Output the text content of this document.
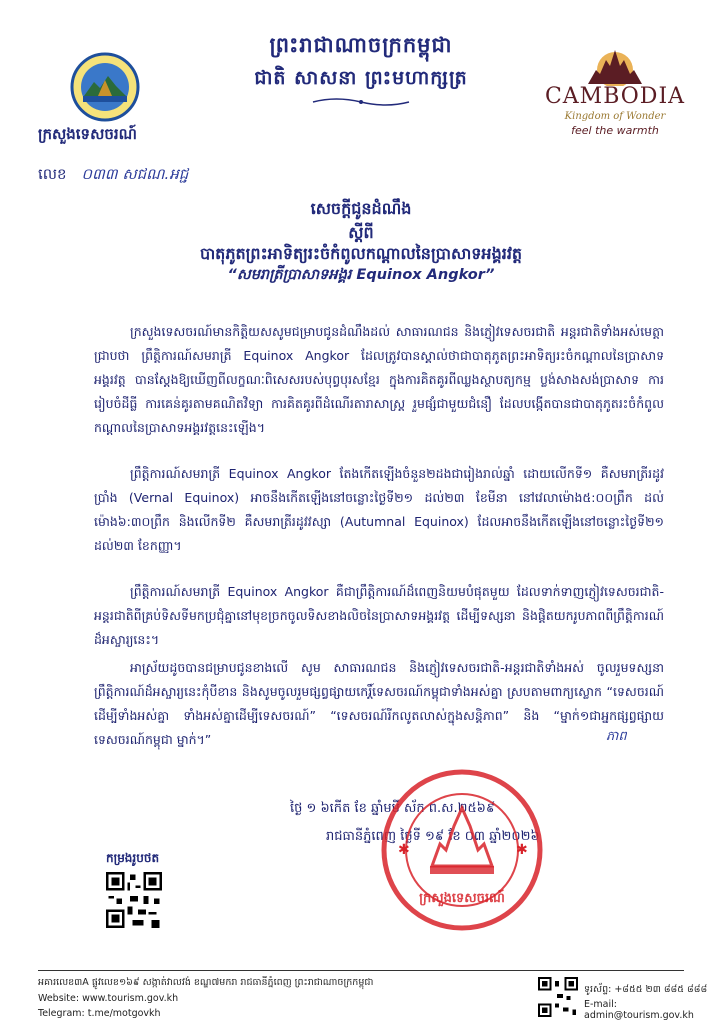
ព្រះរាជាណាចក្រកម្ពុជា
ជាតិ សាសនា ព្រះមហាក្សត្រ
ក្រសួងទេសចរណ៍
លេខ ០៣៣ សជណ.អជ្ជ
CAMBODIA
Kingdom of Wonder
feel the warmth
សេចក្ដីជូនដំណឹង
ស្ដីពី
បាតុភូតព្រះអាទិត្យរះចំកំពូលកណ្ដាលនៃប្រាសាទអង្គរវត្ត
“សមរាត្រីប្រាសាទអង្គរ Equinox Angkor”
ក្រសួងទេសចរណ៍មានកិត្តិយសសូមជម្រាបជូនដំណឹងដល់ សាធារណជន និងភ្ញៀវទេសចរជាតិ អន្តរជាតិទាំងអស់មេត្តាជ្រាបថា ព្រឹត្តិការណ៍សមរាត្រី Equinox Angkor ដែលត្រូវបានស្គាល់ថាជាបាតុភូតព្រះអាទិត្យរះចំកណ្ដាលនៃប្រាសាទអង្គរវត្ត បានស្ដែងឱ្យឃើញពីលក្ខណៈពិសេសរបស់បុព្វបុរសខ្មែរ ក្នុងការគិតគូរពីឈ្លងស្ថាបត្យកម្ម ប្លង់សាងសង់ប្រាសាទ ការរៀបចំដីធ្លី ការគេន់គូរតាមគណិតវិទ្យា ការគិតគូរពីដំណើរតារាសាស្ត្រ រួមផ្សំជាមួយជំនឿ ដែលបង្កើតបានជាបាតុភូតរះចំកំពូលកណ្ដាលនៃប្រាសាទអង្គរវត្តនេះឡើង។
ព្រឹត្តិការណ៍សមរាត្រី Equinox Angkor តែងកើតឡើងចំនួន២ដងជារៀងរាល់ឆ្នាំ ដោយលើកទី១ គឺសមរាត្រីរដូវប្រាំង (Vernal Equinox) អាចនឹងកើតឡើងនៅចន្លោះថ្ងៃទី២១ ដល់២៣ ខែមីនា នៅវេលាម៉ោង៥:០០ព្រឹក ដល់ម៉ោង៦:៣០ព្រឹក និងលើកទី២ គឺសមរាត្រីរដូវវស្សា (Autumnal Equinox) ដែលអាចនឹងកើតឡើងនៅចន្លោះថ្ងៃទី២១ ដល់២៣ ខែកញ្ញា។
ព្រឹត្តិការណ៍សមរាត្រី Equinox Angkor គឺជាព្រឹត្តិការណ៍ដ៏ពេញនិយមបំផុតមួយ ដែលទាក់ទាញភ្ញៀវទេសចរជាតិ-អន្តរជាតិពីគ្រប់ទិសទីមកប្រជុំគ្នានៅមុខច្រកចូលទិសខាងលិចនៃប្រាសាទអង្គរវត្ត ដើម្បីទស្សនា និងផ្ដិតយករូបភាពពីព្រឹត្តិការណ៍ដ៏អស្ចារ្យនេះ។
អាស្រ័យដូចបានជម្រាបជូនខាងលើ សូម សាធារណជន និងភ្ញៀវទេសចរជាតិ-អន្តរជាតិទាំងអស់ ចូលរួមទស្សនាព្រឹត្តិការណ៍ដ៏អស្ចារ្យនេះកុំបីខាន និងសូមចូលរួមផ្សព្វផ្សាយកេរ្តិ៍ទេសចរណ៍កម្ពុជាទាំងអស់គ្នា ស្របតាមពាក្យស្លោក “ទេសចរណ៍ដើម្បីទាំងអស់គ្នា ទាំងអស់គ្នាដើម្បីទេសចរណ៍” “ទេសចរណ៍រីកលូតលាស់ក្នុងសន្តិភាព” និង “ម្នាក់១ជាអ្នកផ្សព្វផ្សាយទេសចរណ៍កម្ពុជា ម្នាក់។”	ភាព
ថ្ងៃ ១ ៦កើត ខែ ឆ្នាំមមី ស័ក ព.ស.២៥៦៩
រាជធានីភ្នំពេញ ថ្ងៃទី ១៩ ខែ ០៣ ឆ្នាំ២០២៦
ក្រសួងទេសចរណ៍
✱	✱
កម្រងរូបថត
អគារលេខ៣A ផ្លូវលេខ១៦៩ សង្កាត់វាលវង់ ខណ្ឌ៧មករា រាជធានីភ្នំពេញ ព្រះរាជាណាចក្រកម្ពុជា
Website: www.tourism.gov.kh
Telegram: t.me/motgovkh
ទូរស័ព្ទ: +៨៥៥ ២៣ ៨៨៥ ៨៨៨
E-mail: admin@tourism.gov.kh
